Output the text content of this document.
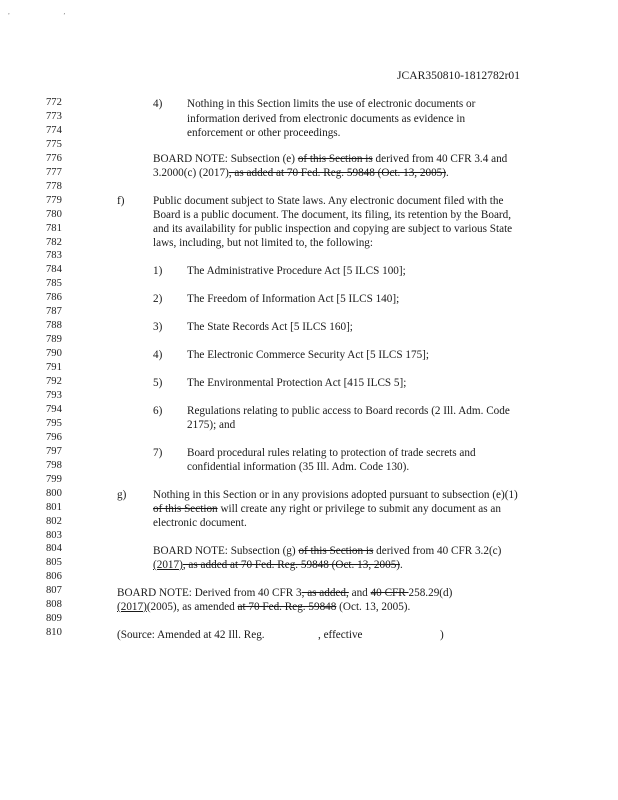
, ,
JCAR350810-1812782r01
772
773
774
775
776
777
778
779
780
781
782
783
784
785
786
787
788
789
790
791
792
793
794
795
796
797
798
799
800
801
802
803
804
805
806
807
808
809
810
4) Nothing in this Section limits the use of electronic documents or
information derived from electronic documents as evidence in
enforcement or other proceedings.
BOARD NOTE: Subsection (e) of this Section is derived from 40 CFR 3.4 and
3.2000(c) (2017), as added at 70 Fed. Reg. 59848 (Oct. 13, 2005).
f)	Public document subject to State laws. Any electronic document filed with the
Board is a public document. The document, its filing, its retention by the Board,
and its availability for public inspection and copying are subject to various State
laws, including, but not limited to, the following:
1) The Administrative Procedure Act [5 ILCS 100];
2) The Freedom of Information Act [5 ILCS 140];
3) The State Records Act [5 ILCS 160];
4) The Electronic Commerce Security Act [5 ILCS 175];
5) The Environmental Protection Act [415 ILCS 5];
6) Regulations relating to public access to Board records (2 Ill. Adm. Code
2175); and
7) Board procedural rules relating to protection of trade secrets and
confidential information (35 Ill. Adm. Code 130).
g) Nothing in this Section or in any provisions adopted pursuant to subsection (e)(1)
of this Section will create any right or privilege to submit any document as an
electronic document.
BOARD NOTE: Subsection (g) of this Section is derived from 40 CFR 3.2(c)
(2017), as added at 70 Fed. Reg. 59848 (Oct. 13, 2005).
BOARD NOTE: Derived from 40 CFR 3, as added, and 40 CFR 258.29(d)
(2017)(2005), as amended at 70 Fed. Reg. 59848 (Oct. 13, 2005).
(Source: Amended at 42 Ill. Reg.	, effective	)
